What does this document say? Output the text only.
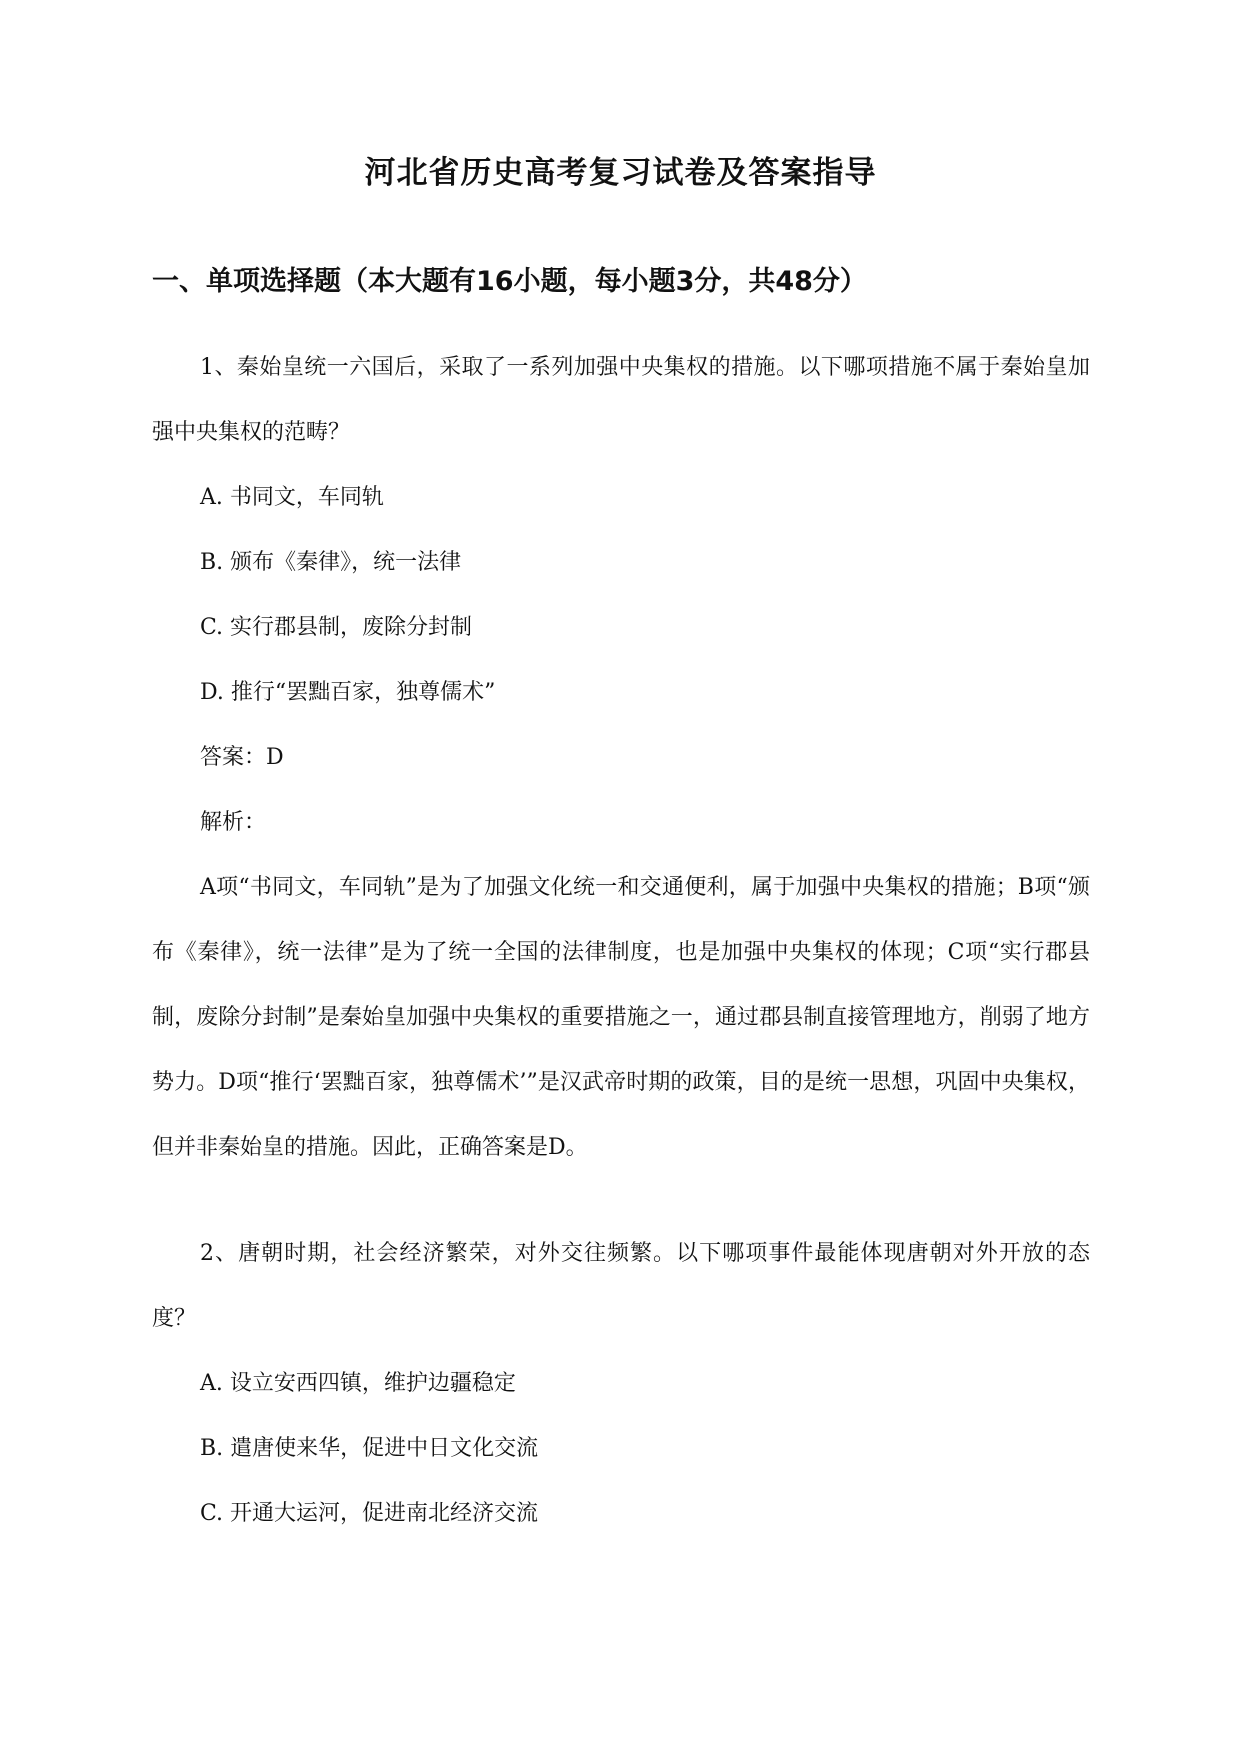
河北省历史高考复习试卷及答案指导
一、单项选择题（本大题有16小题，每小题3分，共48分）

1、秦始皇统一六国后，采取了一系列加强中央集权的措施。以下哪项措施不属于秦始皇加强中央集权的范畴？

A. 书同文，车同轨

B. 颁布《秦律》，统一法律

C. 实行郡县制，废除分封制

D. 推行“罢黜百家，独尊儒术”

答案：D

解析：

A项“书同文，车同轨”是为了加强文化统一和交通便利，属于加强中央集权的措施；B项“颁布《秦律》，统一法律”是为了统一全国的法律制度，也是加强中央集权的体现；C项“实行郡县制，废除分封制”是秦始皇加强中央集权的重要措施之一，通过郡县制直接管理地方，削弱了地方势力。D项“推行‘罢黜百家，独尊儒术’”是汉武帝时期的政策，目的是统一思想，巩固中央集权，但并非秦始皇的措施。因此，正确答案是D。

2、唐朝时期，社会经济繁荣，对外交往频繁。以下哪项事件最能体现唐朝对外开放的态度？

A. 设立安西四镇，维护边疆稳定

B. 遣唐使来华，促进中日文化交流

C. 开通大运河，促进南北经济交流
